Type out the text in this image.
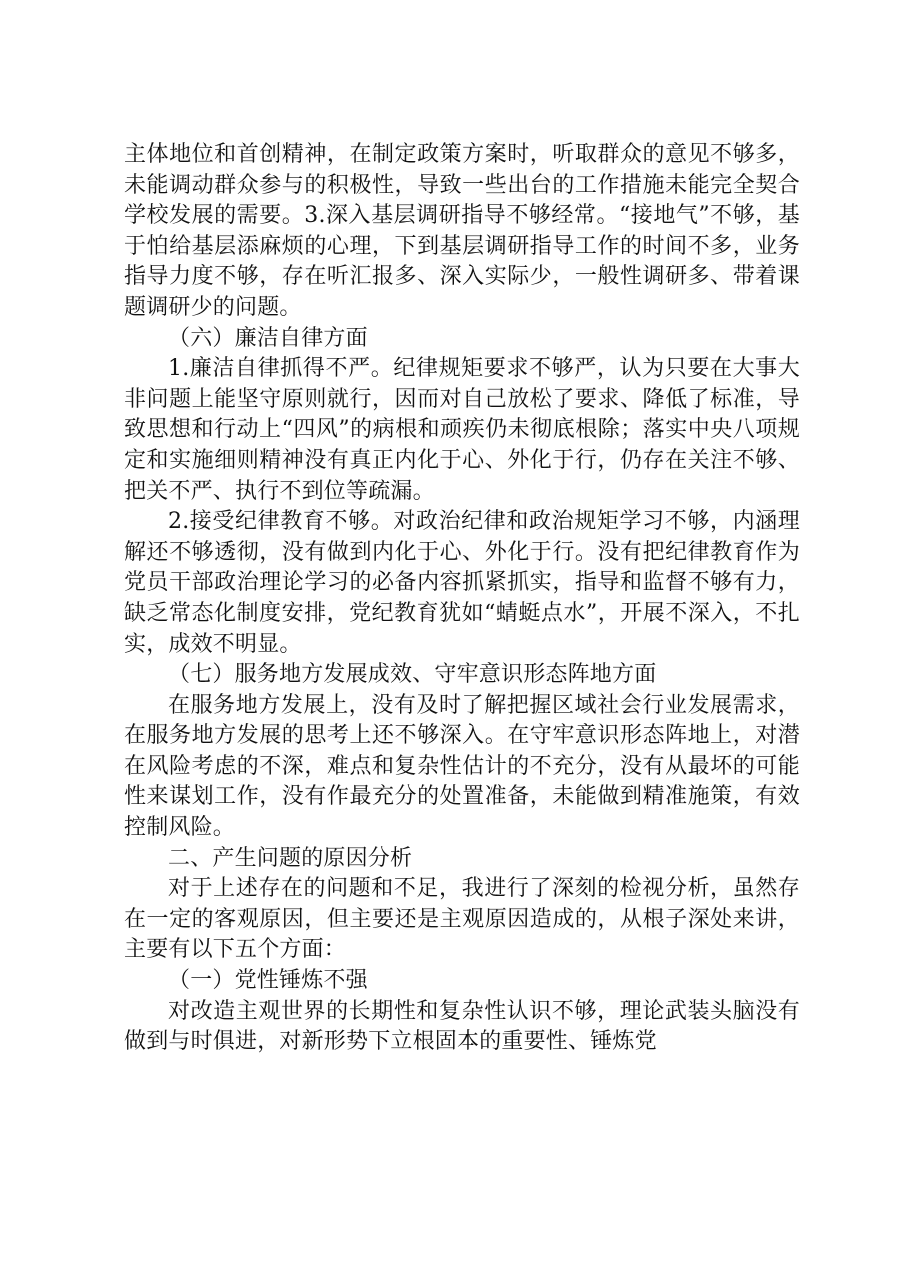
主体地位和首创精神，在制定政策方案时，听取群众的意见不够多，未能调动群众参与的积极性，导致一些出台的工作措施未能完全契合学校发展的需要。3.深入基层调研指导不够经常。“接地气”不够，基于怕给基层添麻烦的心理，下到基层调研指导工作的时间不多，业务指导力度不够，存在听汇报多、深入实际少，一般性调研多、带着课题调研少的问题。

（六）廉洁自律方面

1.廉洁自律抓得不严。纪律规矩要求不够严，认为只要在大事大非问题上能坚守原则就行，因而对自己放松了要求、降低了标准，导致思想和行动上“四风”的病根和顽疾仍未彻底根除；落实中央八项规定和实施细则精神没有真正内化于心、外化于行，仍存在关注不够、把关不严、执行不到位等疏漏。

2.接受纪律教育不够。对政治纪律和政治规矩学习不够，内涵理解还不够透彻，没有做到内化于心、外化于行。没有把纪律教育作为党员干部政治理论学习的必备内容抓紧抓实，指导和监督不够有力，缺乏常态化制度安排，党纪教育犹如“蜻蜓点水”，开展不深入，不扎实，成效不明显。

（七）服务地方发展成效、守牢意识形态阵地方面

在服务地方发展上，没有及时了解把握区域社会行业发展需求，在服务地方发展的思考上还不够深入。在守牢意识形态阵地上，对潜在风险考虑的不深，难点和复杂性估计的不充分，没有从最坏的可能性来谋划工作，没有作最充分的处置准备，未能做到精准施策，有效控制风险。

二、产生问题的原因分析

对于上述存在的问题和不足，我进行了深刻的检视分析，虽然存在一定的客观原因，但主要还是主观原因造成的，从根子深处来讲，主要有以下五个方面：

（一）党性锤炼不强

对改造主观世界的长期性和复杂性认识不够，理论武装头脑没有做到与时俱进，对新形势下立根固本的重要性、锤炼党
